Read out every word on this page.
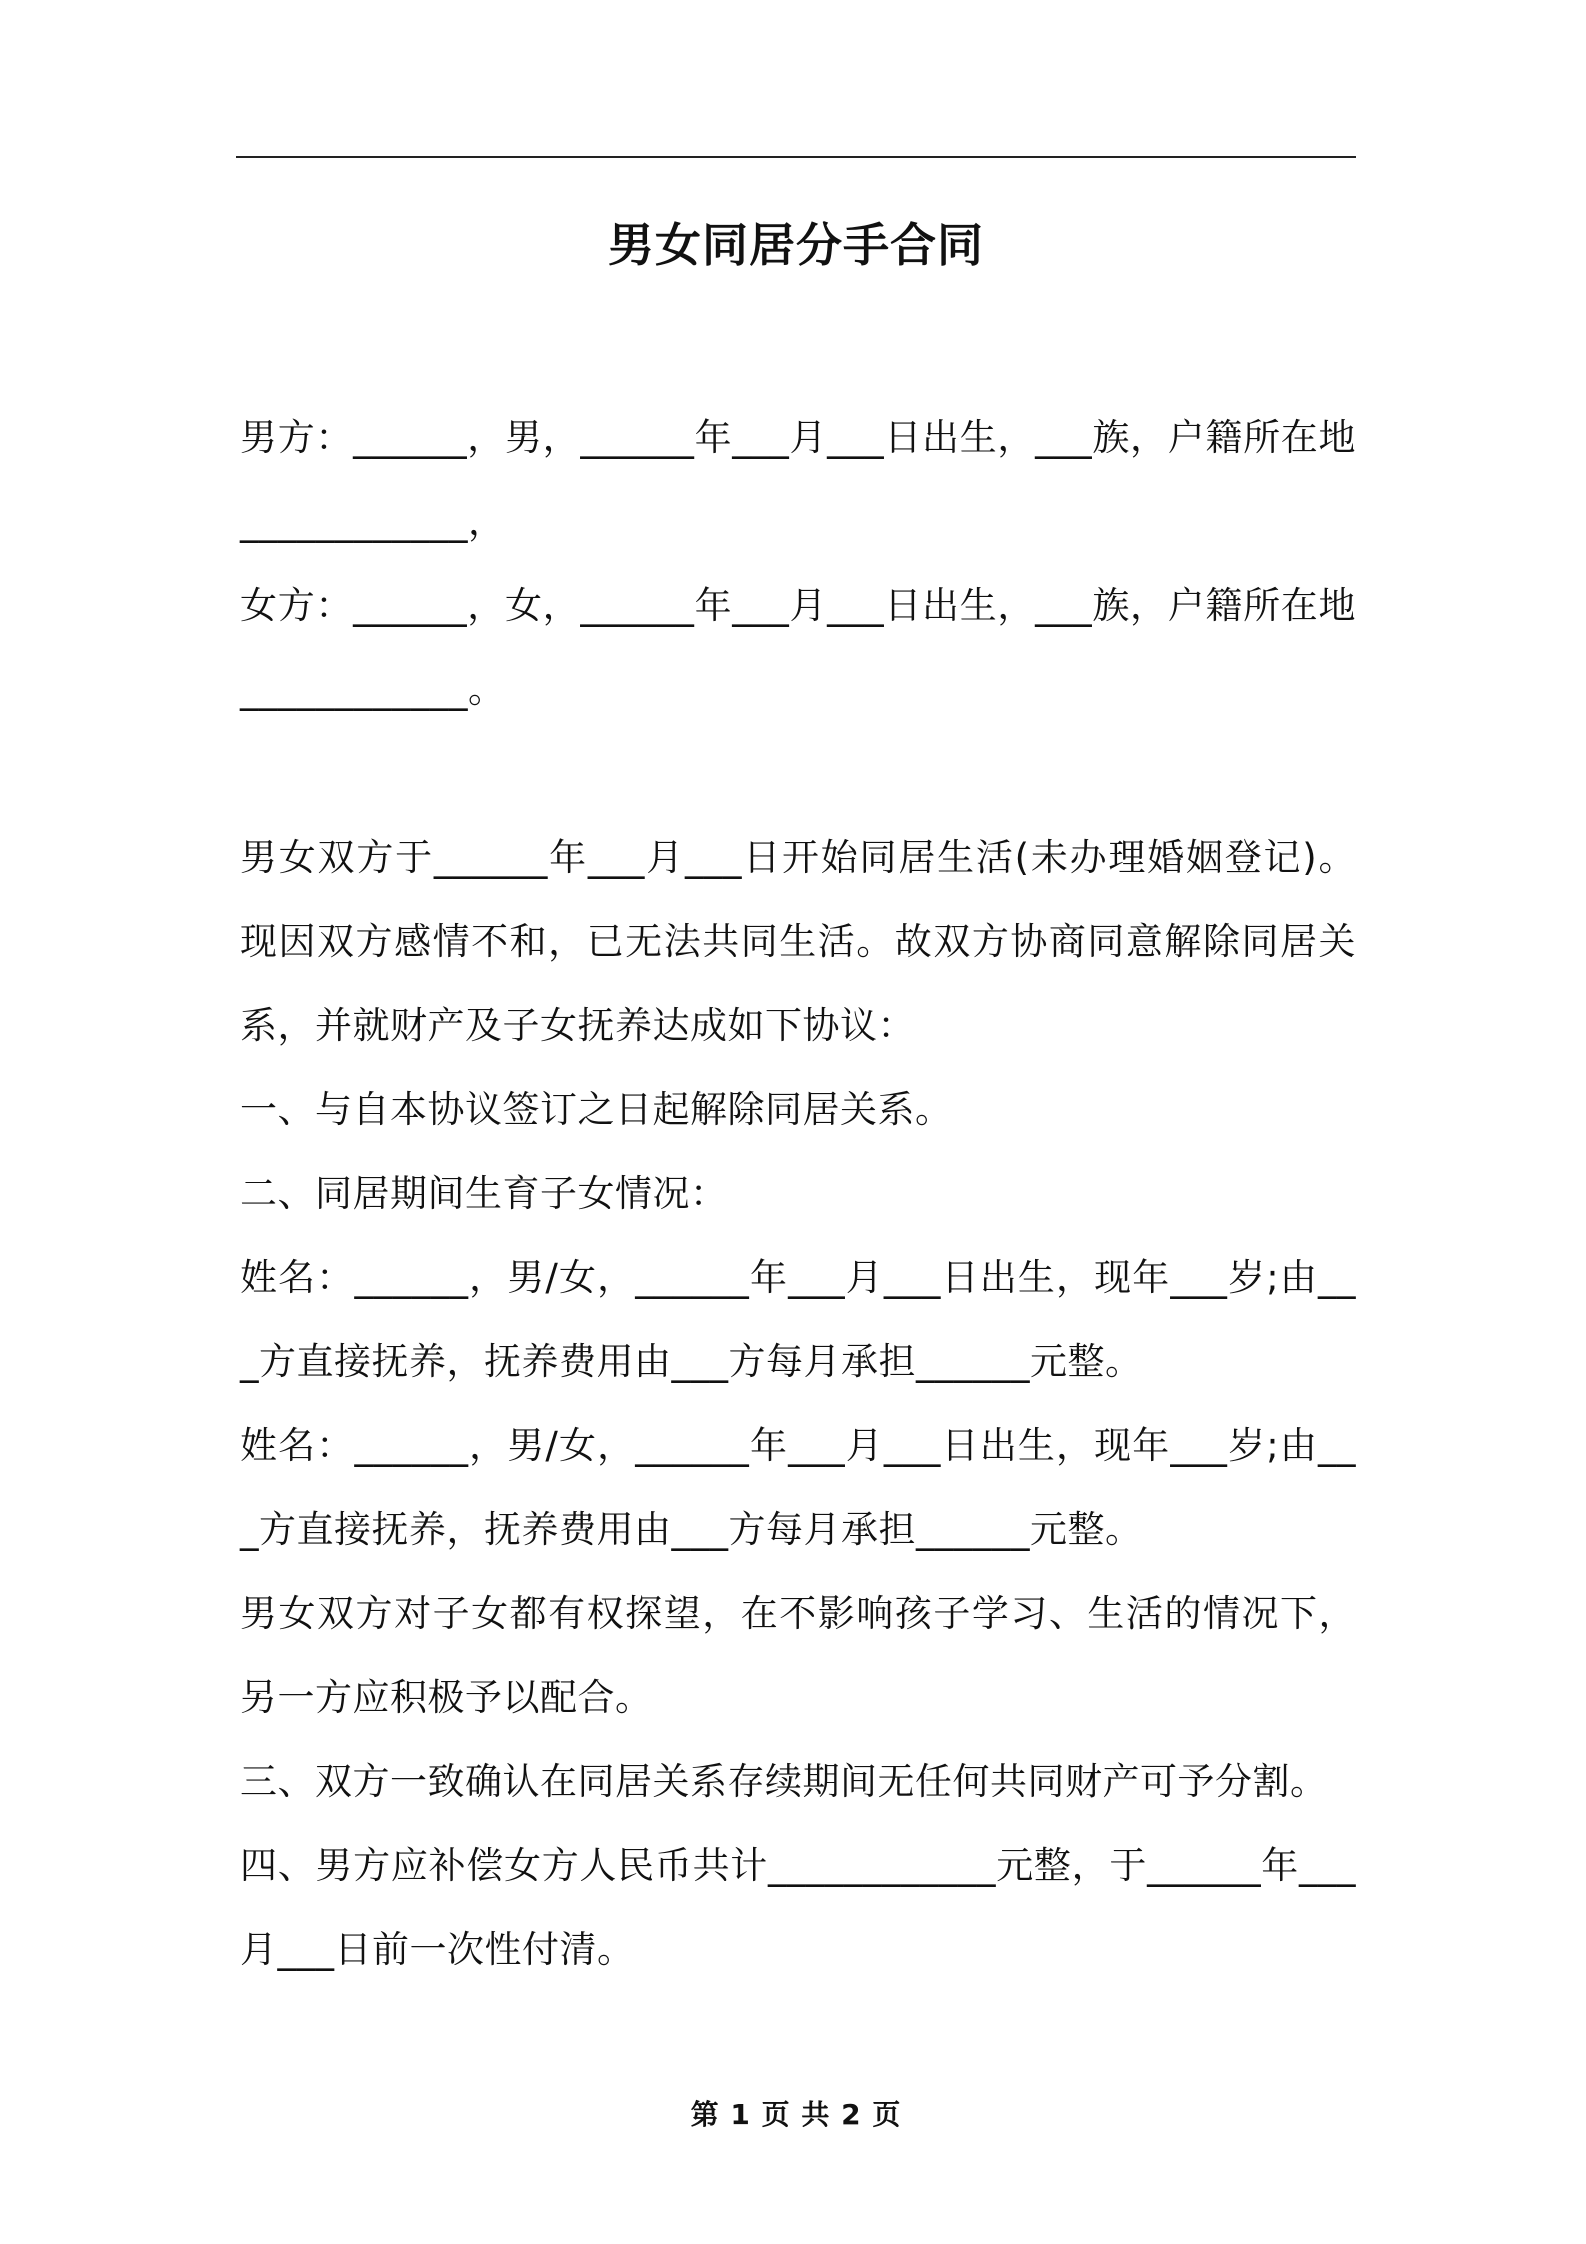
男女同居分手合同

男方：______，男，______年___月___日出生，___族，户籍所在地____________，

女方：______，女，______年___月___日出生，___族，户籍所在地____________。

男女双方于______年___月___日开始同居生活(未办理婚姻登记)。现因双方感情不和，已无法共同生活。故双方协商同意解除同居关系，并就财产及子女抚养达成如下协议：

一、与自本协议签订之日起解除同居关系。

二、同居期间生育子女情况：

姓名：______，男/女，______年___月___日出生，现年___岁;由___方直接抚养，抚养费用由___方每月承担______元整。

姓名：______，男/女，______年___月___日出生，现年___岁;由___方直接抚养，抚养费用由___方每月承担______元整。

男女双方对子女都有权探望，在不影响孩子学习、生活的情况下，另一方应积极予以配合。

三、双方一致确认在同居关系存续期间无任何共同财产可予分割。

四、男方应补偿女方人民币共计____________元整，于______年___月___日前一次性付清。

第 1 页 共 2 页
